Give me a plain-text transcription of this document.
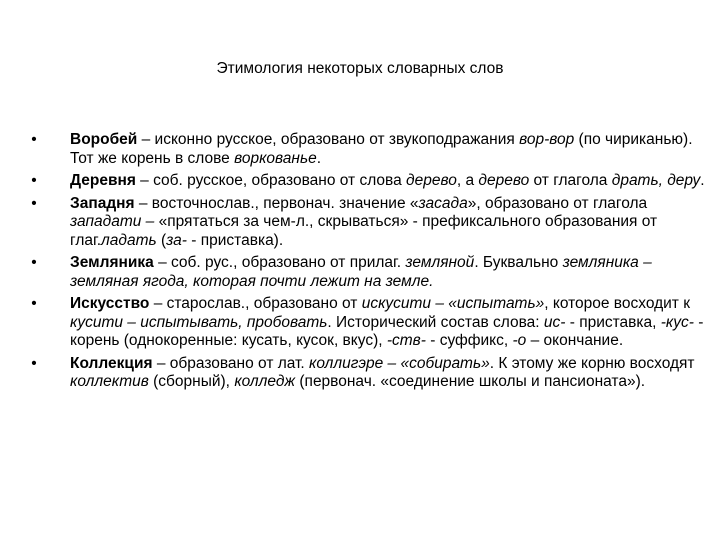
Этимология некоторых словарных слов
• Воробей – исконно русское, образовано от звукоподражания вор-вор (по чириканью). Тот же корень в слове воркованье.
• Деревня – соб. русское, образовано от слова дерево, а дерево от глагола драть, деру.
• Западня – восточнослав., первонач. значение «засада», образовано от глагола западати – «прятаться за чем-л., скрываться» - префиксального образования от глаг.ладать (за- - приставка).
• Земляника – соб. рус., образовано от прилаг. земляной. Буквально земляника – земляная ягода, которая почти лежит на земле.
• Искусство – старослав., образовано от искусити – «испытать», которое восходит к кусити – испытывать, пробовать. Исторический состав слова: ис- - приставка, -кус- - корень (однокоренные: кусать, кусок, вкус), -ств- - суффикс, -о – окончание.
• Коллекция – образовано от лат. коллигэре – «собирать». К этому же корню восходят коллектив (сборный), колледж (первонач. «соединение школы и пансионата»).
